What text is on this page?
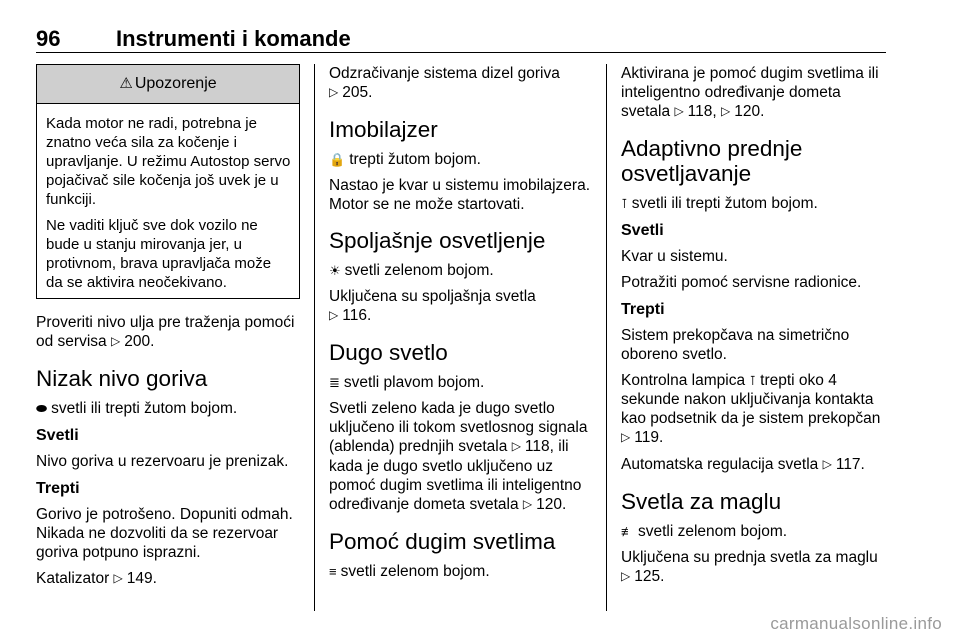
96	Instrumenti i komande
⚠ Upozorenje

Kada motor ne radi, potrebna je znatno veća sila za kočenje i upravljanje. U režimu Autostop servo pojačivač sile kočenja još uvek je u funkciji.

Ne vaditi ključ sve dok vozilo ne bude u stanju mirovanja jer, u protivnom, brava upravljača može da se aktivira neočekivano.

Proveriti nivo ulja pre traženja pomoći od servisa ▷ 200.

Nizak nivo goriva

⬬ svetli ili trepti žutom bojom.

Svetli

Nivo goriva u rezervoaru je prenizak.

Trepti

Gorivo je potrošeno. Dopuniti odmah. Nikada ne dozvoliti da se rezervoar goriva potpuno isprazni.

Katalizator ▷ 149.

Odzračivanje sistema dizel goriva
▷ 205.

Imobilajzer

🔒 trepti žutom bojom.

Nastao je kvar u sistemu imobilajzera. Motor se ne može startovati.

Spoljašnje osvetljenje

☀ svetli zelenom bojom.

Uključena su spoljašnja svetla
▷ 116.

Dugo svetlo

≣ svetli plavom bojom.

Svetli zeleno kada je dugo svetlo uključeno ili tokom svetlosnog signala (ablenda) prednjih svetala ▷ 118, ili kada je dugo svetlo uključeno uz pomoć dugim svetlima ili inteligentno određivanje dometa svetala ▷ 120.

Pomoć dugim svetlima

≡ svetli zelenom bojom.

Aktivirana je pomoć dugim svetlima ili inteligentno određivanje dometa svetala ▷ 118, ▷ 120.

Adaptivno prednje osvetljavanje

⊺ svetli ili trepti žutom bojom.

Svetli

Kvar u sistemu.

Potražiti pomoć servisne radionice.

Trepti

Sistem prekopčava na simetrično oboreno svetlo.

Kontrolna lampica ⊺ trepti oko 4 sekunde nakon uključivanja kontakta kao podsetnik da je sistem prekopčan ▷ 119.

Automatska regulacija svetla ▷ 117.

Svetla za maglu

≢ svetli zelenom bojom.

Uključena su prednja svetla za maglu
▷ 125.

carmanualsonline.info
